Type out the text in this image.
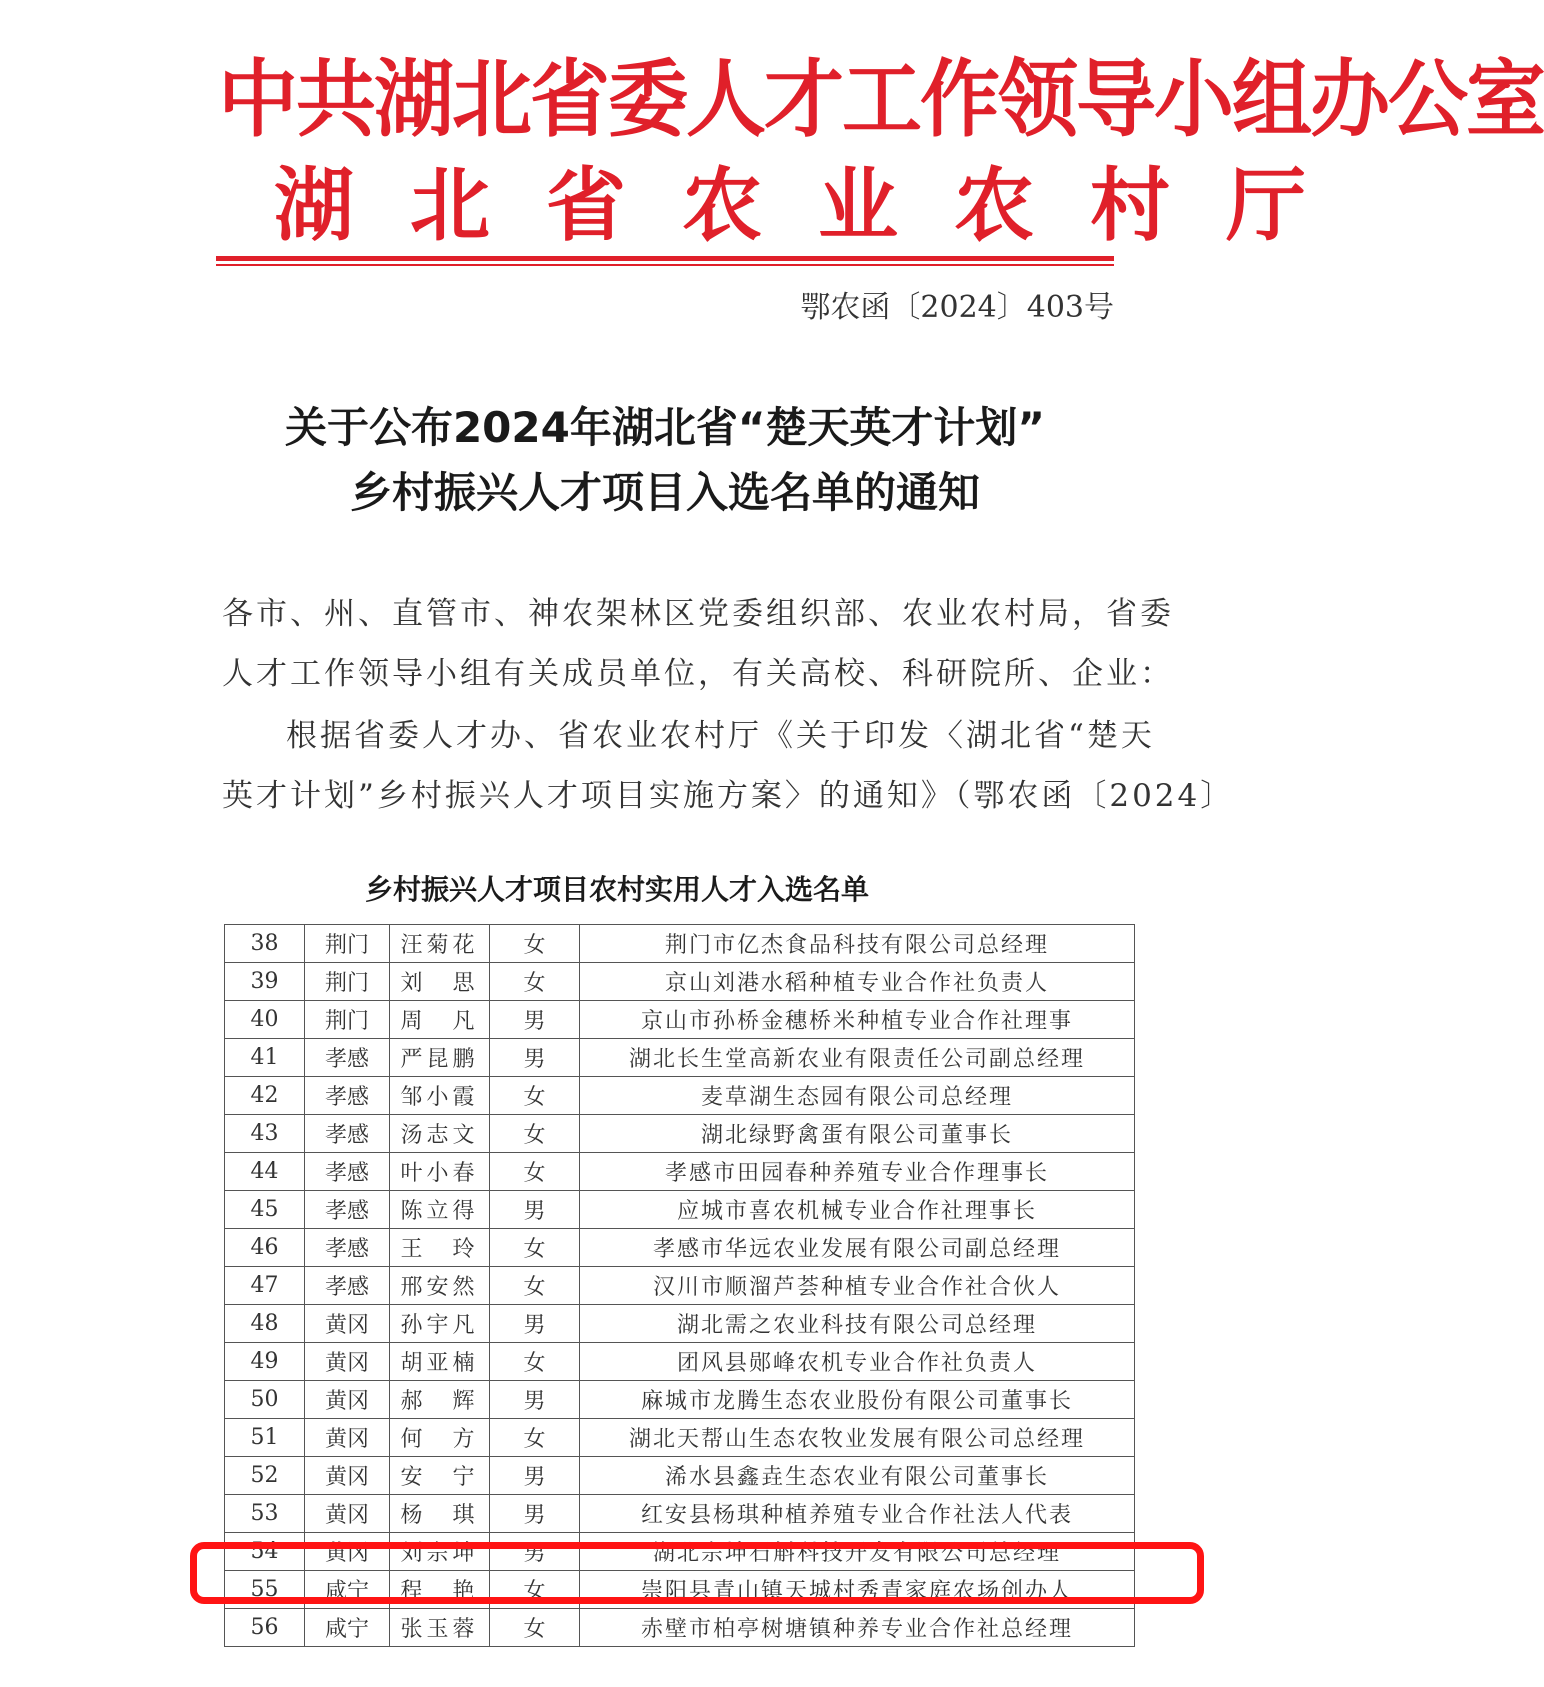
中共湖北省委人才工作领导小组办公室
湖北省农业农村厅
鄂农函〔2024〕403号
关于公布2024年湖北省“楚天英才计划”
乡村振兴人才项目入选名单的通知
各市、州、直管市、神农架林区党委组织部、农业农村局，省委
人才工作领导小组有关成员单位，有关高校、科研院所、企业：
根据省委人才办、省农业农村厅《关于印发〈湖北省“楚天
英才计划”乡村振兴人才项目实施方案〉的通知》（鄂农函〔2024〕
乡村振兴人才项目农村实用人才入选名单
38	荆门	汪菊花	女	荆门市亿杰食品科技有限公司总经理
39	荆门	刘　思	女	京山刘港水稻种植专业合作社负责人
40	荆门	周　凡	男	京山市孙桥金穗桥米种植专业合作社理事
41	孝感	严昆鹏	男	湖北长生堂高新农业有限责任公司副总经理
42	孝感	邹小霞	女	麦草湖生态园有限公司总经理
43	孝感	汤志文	女	湖北绿野禽蛋有限公司董事长
44	孝感	叶小春	女	孝感市田园春种养殖专业合作理事长
45	孝感	陈立得	男	应城市喜农机械专业合作社理事长
46	孝感	王　玲	女	孝感市华远农业发展有限公司副总经理
47	孝感	邢安然	女	汉川市顺溜芦荟种植专业合作社合伙人
48	黄冈	孙宇凡	男	湖北需之农业科技有限公司总经理
49	黄冈	胡亚楠	女	团风县郧峰农机专业合作社负责人
50	黄冈	郝　辉	男	麻城市龙腾生态农业股份有限公司董事长
51	黄冈	何　方	女	湖北天帮山生态农牧业发展有限公司总经理
52	黄冈	安　宁	男	浠水县鑫垚生态农业有限公司董事长
53	黄冈	杨　琪	男	红安县杨琪种植养殖专业合作社法人代表
54	黄冈	刘宗坤	男	湖北宗坤石斛科技开发有限公司总经理
55	咸宁	程　艳	女	崇阳县青山镇天城村秀青家庭农场创办人
56	咸宁	张玉蓉	女	赤壁市柏亭树塘镇种养专业合作社总经理
